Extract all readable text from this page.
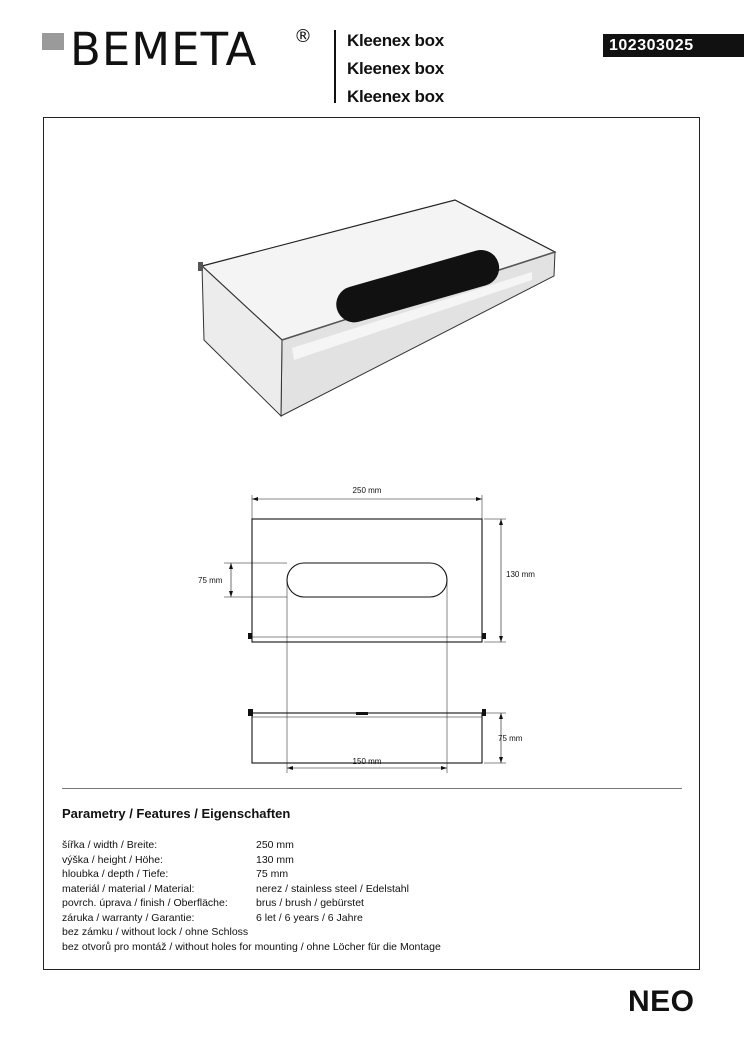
BEMETA ® Kleenex box
Kleenex box
Kleenex box
102303025
250 mm
130 mm
75 mm
150 mm
75 mm
Parametry / Features / Eigenschaften
šířka / width / Breite:	250 mm
výška / height / Höhe:	130 mm
hloubka / depth / Tiefe:	75 mm
materiál / material / Material:	nerez / stainless steel / Edelstahl
povrch. úprava / finish / Oberfläche:	brus / brush / gebürstet
záruka / warranty / Garantie:	6 let / 6 years / 6 Jahre
bez zámku / without lock / ohne Schloss
bez otvorů pro montáž / without holes for mounting / ohne Löcher für die Montage
NEO
